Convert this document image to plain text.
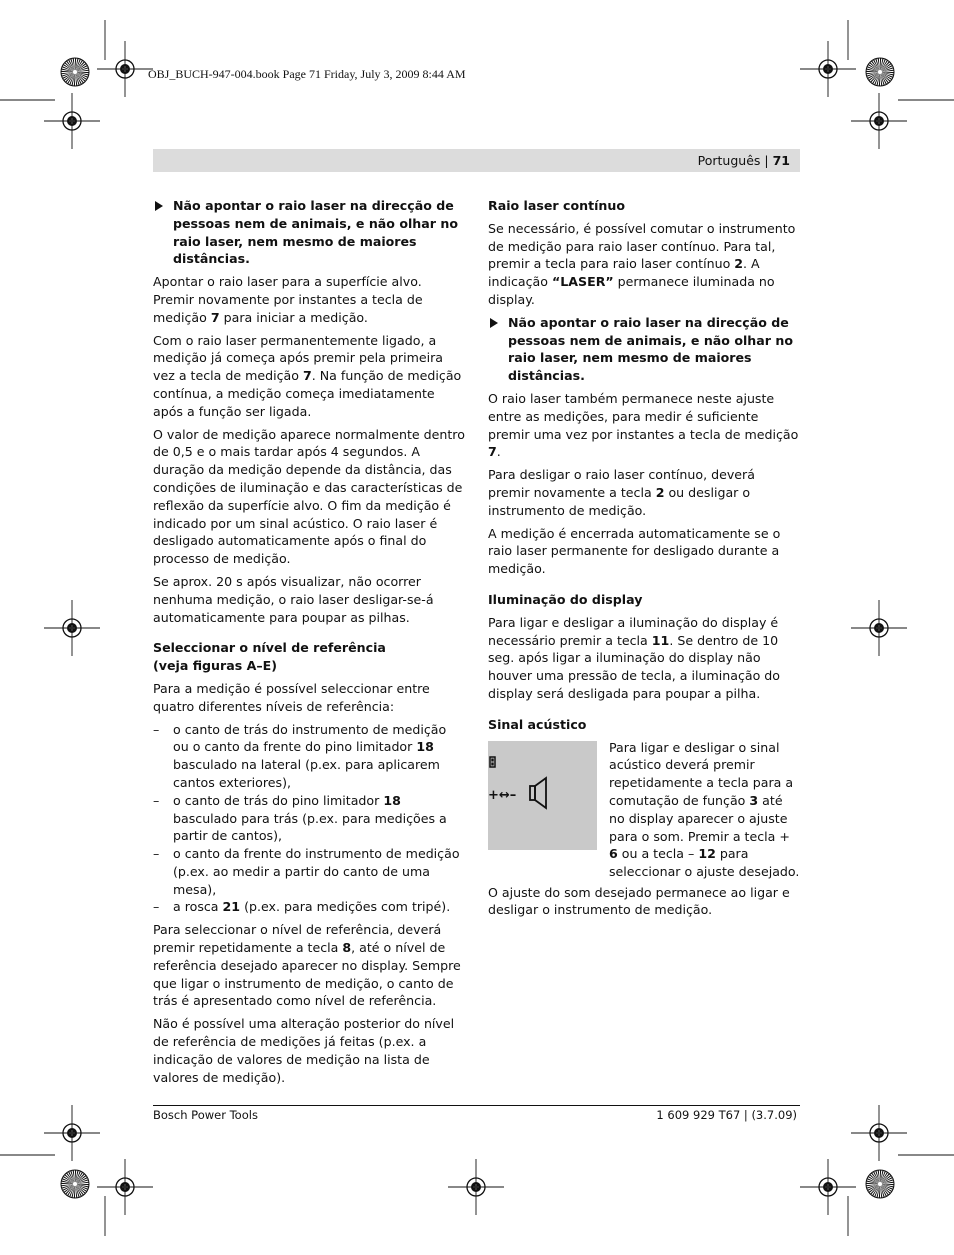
OBJ_BUCH-947-004.book Page 71 Friday, July 3, 2009 8:44 AM
Português | 71
Não apontar o raio laser na direcção de pessoas nem de animais, e não olhar no raio laser, nem mesmo de maiores distâncias.

Apontar o raio laser para a superfície alvo. Premir novamente por instantes a tecla de medição 7 para iniciar a medição.

Com o raio laser permanentemente ligado, a medição já começa após premir pela primeira vez a tecla de medição 7. Na função de medição contínua, a medição começa imediatamente após a função ser ligada.

O valor de medição aparece normalmente dentro de 0,5 e o mais tardar após 4 segundos. A duração da medição depende da distância, das condições de iluminação e das características de reflexão da superfície alvo. O fim da medição é indicado por um sinal acústico. O raio laser é desligado automaticamente após o final do processo de medição.

Se aprox. 20 s após visualizar, não ocorrer nenhuma medição, o raio laser desligar-se-á automaticamente para poupar as pilhas.

Seleccionar o nível de referência
(veja figuras A–E)

Para a medição é possível seleccionar entre quatro diferentes níveis de referência:

– o canto de trás do instrumento de medição ou o canto da frente do pino limitador 18 basculado na lateral (p.ex. para aplicarem cantos exteriores),
– o canto de trás do pino limitador 18 basculado para trás (p.ex. para medições a partir de cantos),
– o canto da frente do instrumento de medição (p.ex. ao medir a partir do canto de uma mesa),
– a rosca 21 (p.ex. para medições com tripé).

Para seleccionar o nível de referência, deverá premir repetidamente a tecla 8, até o nível de referência desejado aparecer no display. Sempre que ligar o instrumento de medição, o canto de trás é apresentado como nível de referência.

Não é possível uma alteração posterior do nível de referência de medições já feitas (p.ex. a indicação de valores de medição na lista de valores de medição).

Raio laser contínuo

Se necessário, é possível comutar o instrumento de medição para raio laser contínuo. Para tal, premir a tecla para raio laser contínuo 2. A indicação “LASER” permanece iluminada no display.

Não apontar o raio laser na direcção de pessoas nem de animais, e não olhar no raio laser, nem mesmo de maiores distâncias.

O raio laser também permanece neste ajuste entre as medições, para medir é suficiente premir uma vez por instantes a tecla de medição 7.

Para desligar o raio laser contínuo, deverá premir novamente a tecla 2 ou desligar o instrumento de medição.

A medição é encerrada automaticamente se o raio laser permanente for desligado durante a medição.

Iluminação do display

Para ligar e desligar a iluminação do display é necessário premir a tecla 11. Se dentro de 10 seg. após ligar a iluminação do display não houver uma pressão de tecla, a iluminação do display será desligada para poupar a pilha.

Sinal acústico
+↔–
Para ligar e desligar o sinal acústico deverá premir repetidamente a tecla para a comutação de função 3 até no display aparecer o ajuste para o som. Premir a tecla + 6 ou a tecla – 12 para seleccionar o ajuste desejado.

O ajuste do som desejado permanece ao ligar e desligar o instrumento de medição.

Bosch Power Tools	1 609 929 T67 | (3.7.09)
